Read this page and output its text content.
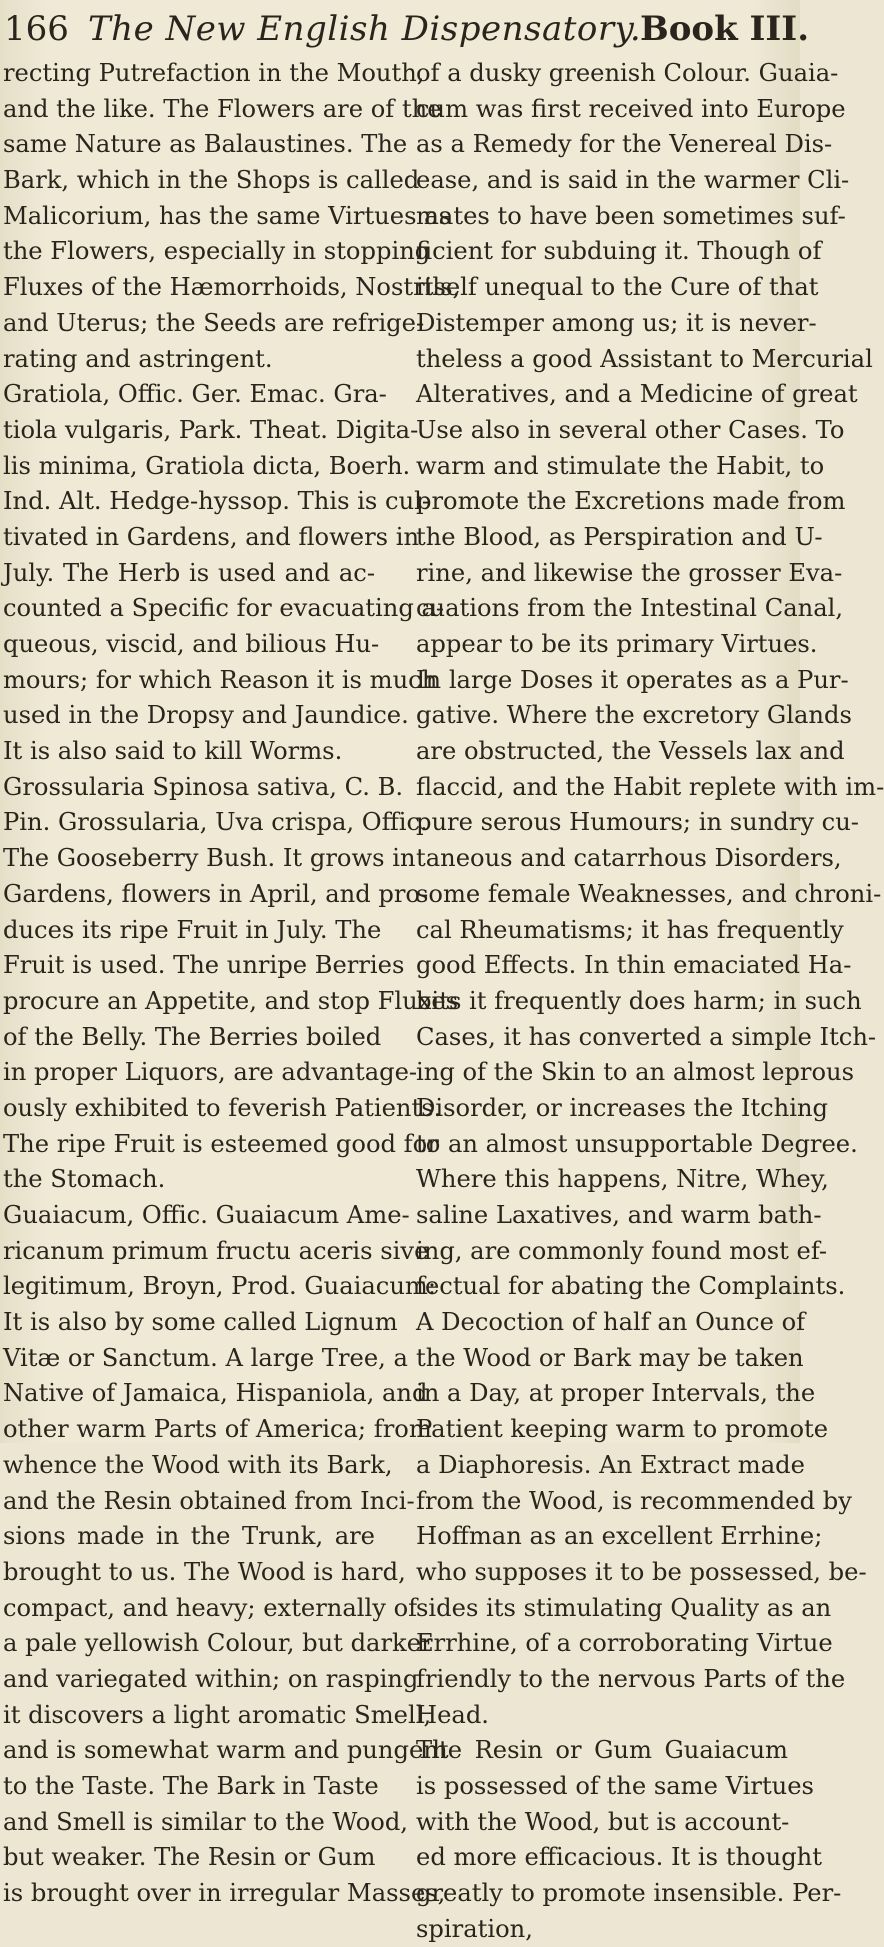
166 The New English Dispensatory.
Book III.
recting Putrefaction in the Mouth,
and the like. The Flowers are of the
same Nature as Balaustines. The
Bark, which in the Shops is called
Malicorium, has the same Virtues as
the Flowers, especially in stopping
Fluxes of the Hæmorrhoids, Nostrils,
and Uterus; the Seeds are refrige-
rating and astringent.
Gratiola, Offic. Ger. Emac. Gra-
tiola vulgaris, Park. Theat. Digita-
lis minima, Gratiola dicta, Boerh.
Ind. Alt. Hedge-hyssop. This is cul-
tivated in Gardens, and flowers in
July. The Herb is used and ac-
counted a Specific for evacuating a-
queous, viscid, and bilious Hu-
mours; for which Reason it is much
used in the Dropsy and Jaundice.
It is also said to kill Worms.
Grossularia Spinosa sativa, C. B.
Pin. Grossularia, Uva crispa, Offic.
The Gooseberry Bush. It grows in
Gardens, flowers in April, and pro-
duces its ripe Fruit in July. The
Fruit is used. The unripe Berries
procure an Appetite, and stop Fluxes
of the Belly. The Berries boiled
in proper Liquors, are advantage-
ously exhibited to feverish Patients.
The ripe Fruit is esteemed good for
the Stomach.
Guaiacum, Offic. Guaiacum Ame-
ricanum primum fructu aceris sive
legitimum, Broyn, Prod. Guaiacum:
It is also by some called Lignum
Vitæ or Sanctum. A large Tree, a
Native of Jamaica, Hispaniola, and
other warm Parts of America; from
whence the Wood with its Bark,
and the Resin obtained from Inci-
sions made in the Trunk, are
brought to us. The Wood is hard,
compact, and heavy; externally of
a pale yellowish Colour, but darker
and variegated within; on rasping
it discovers a light aromatic Smell,
and is somewhat warm and pungent
to the Taste. The Bark in Taste
and Smell is similar to the Wood,
but weaker. The Resin or Gum
is brought over in irregular Masses,
of a dusky greenish Colour. Guaia-
cum was first received into Europe
as a Remedy for the Venereal Dis-
ease, and is said in the warmer Cli-
mates to have been sometimes suf-
ficient for subduing it. Though of
itself unequal to the Cure of that
Distemper among us; it is never-
theless a good Assistant to Mercurial
Alteratives, and a Medicine of great
Use also in several other Cases. To
warm and stimulate the Habit, to
promote the Excretions made from
the Blood, as Perspiration and U-
rine, and likewise the grosser Eva-
cuations from the Intestinal Canal,
appear to be its primary Virtues.
In large Doses it operates as a Pur-
gative. Where the excretory Glands
are obstructed, the Vessels lax and
flaccid, and the Habit replete with im-
pure serous Humours; in sundry cu-
taneous and catarrhous Disorders,
some female Weaknesses, and chroni-
cal Rheumatisms; it has frequently
good Effects. In thin emaciated Ha-
bits it frequently does harm; in such
Cases, it has converted a simple Itch-
ing of the Skin to an almost leprous
Disorder, or increases the Itching
to an almost unsupportable Degree.
Where this happens, Nitre, Whey,
saline Laxatives, and warm bath-
ing, are commonly found most ef-
fectual for abating the Complaints.
A Decoction of half an Ounce of
the Wood or Bark may be taken
in a Day, at proper Intervals, the
Patient keeping warm to promote
a Diaphoresis. An Extract made
from the Wood, is recommended by
Hoffman as an excellent Errhine;
who supposes it to be possessed, be-
sides its stimulating Quality as an
Errhine, of a corroborating Virtue
friendly to the nervous Parts of the
Head.
The Resin or Gum Guaiacum
is possessed of the same Virtues
with the Wood, but is account-
ed more efficacious. It is thought
greatly to promote insensible. Per-
spiration,
